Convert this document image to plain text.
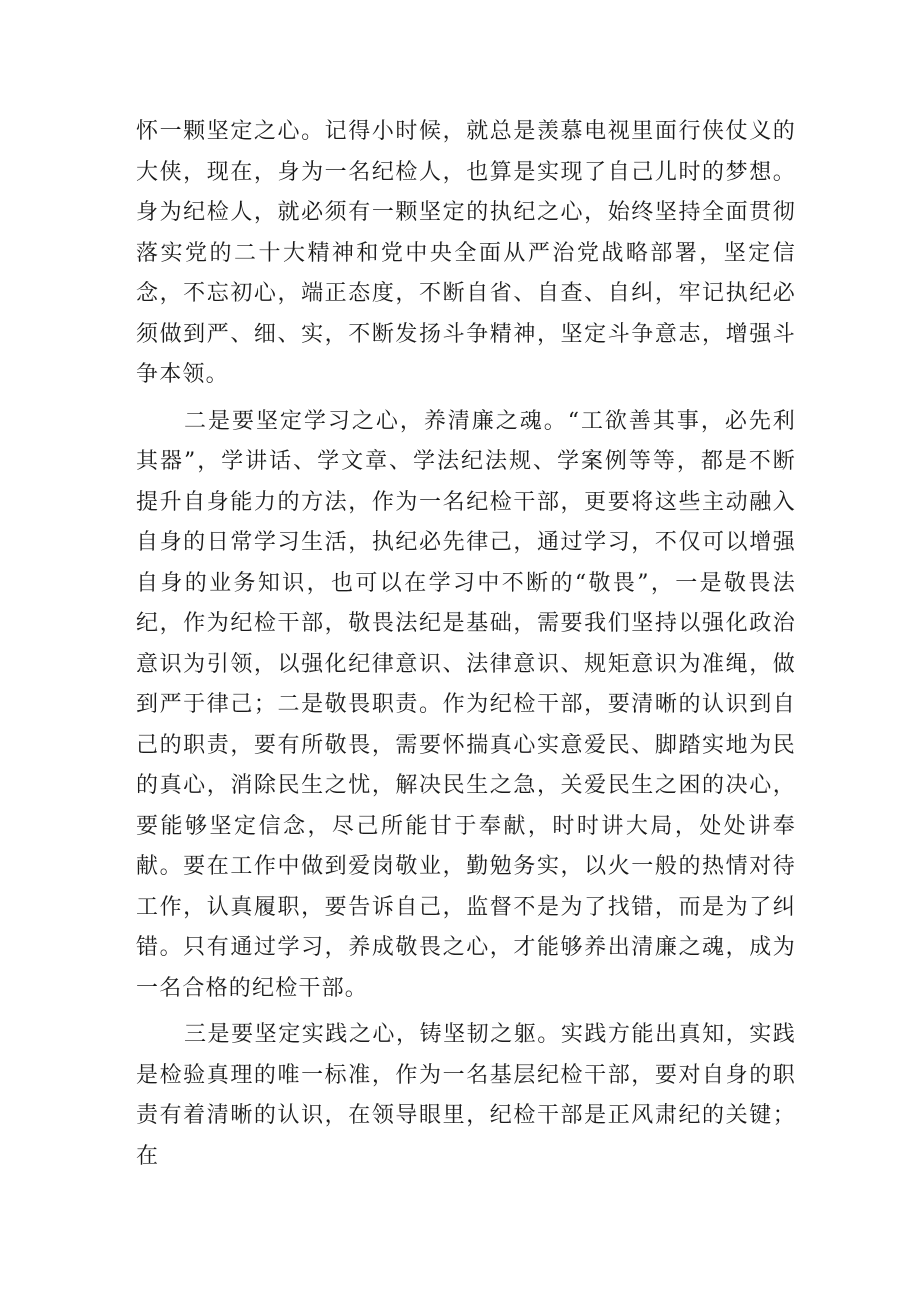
怀一颗坚定之心。记得小时候，就总是羡慕电视里面行侠仗义的大侠，现在，身为一名纪检人，也算是实现了自己儿时的梦想。身为纪检人，就必须有一颗坚定的执纪之心，始终坚持全面贯彻落实党的二十大精神和党中央全面从严治党战略部署，坚定信念，不忘初心，端正态度，不断自省、自查、自纠，牢记执纪必须做到严、细、实，不断发扬斗争精神，坚定斗争意志，增强斗争本领。

二是要坚定学习之心，养清廉之魂。“工欲善其事，必先利其器”，学讲话、学文章、学法纪法规、学案例等等，都是不断提升自身能力的方法，作为一名纪检干部，更要将这些主动融入自身的日常学习生活，执纪必先律己，通过学习，不仅可以增强自身的业务知识，也可以在学习中不断的“敬畏”，一是敬畏法纪，作为纪检干部，敬畏法纪是基础，需要我们坚持以强化政治意识为引领，以强化纪律意识、法律意识、规矩意识为准绳，做到严于律己；二是敬畏职责。作为纪检干部，要清晰的认识到自己的职责，要有所敬畏，需要怀揣真心实意爱民、脚踏实地为民的真心，消除民生之忧，解决民生之急，关爱民生之困的决心，要能够坚定信念，尽己所能甘于奉献，时时讲大局，处处讲奉献。要在工作中做到爱岗敬业，勤勉务实，以火一般的热情对待工作，认真履职，要告诉自己，监督不是为了找错，而是为了纠错。只有通过学习，养成敬畏之心，才能够养出清廉之魂，成为一名合格的纪检干部。

三是要坚定实践之心，铸坚韧之躯。实践方能出真知，实践是检验真理的唯一标准，作为一名基层纪检干部，要对自身的职责有着清晰的认识，在领导眼里，纪检干部是正风肃纪的关键；在
